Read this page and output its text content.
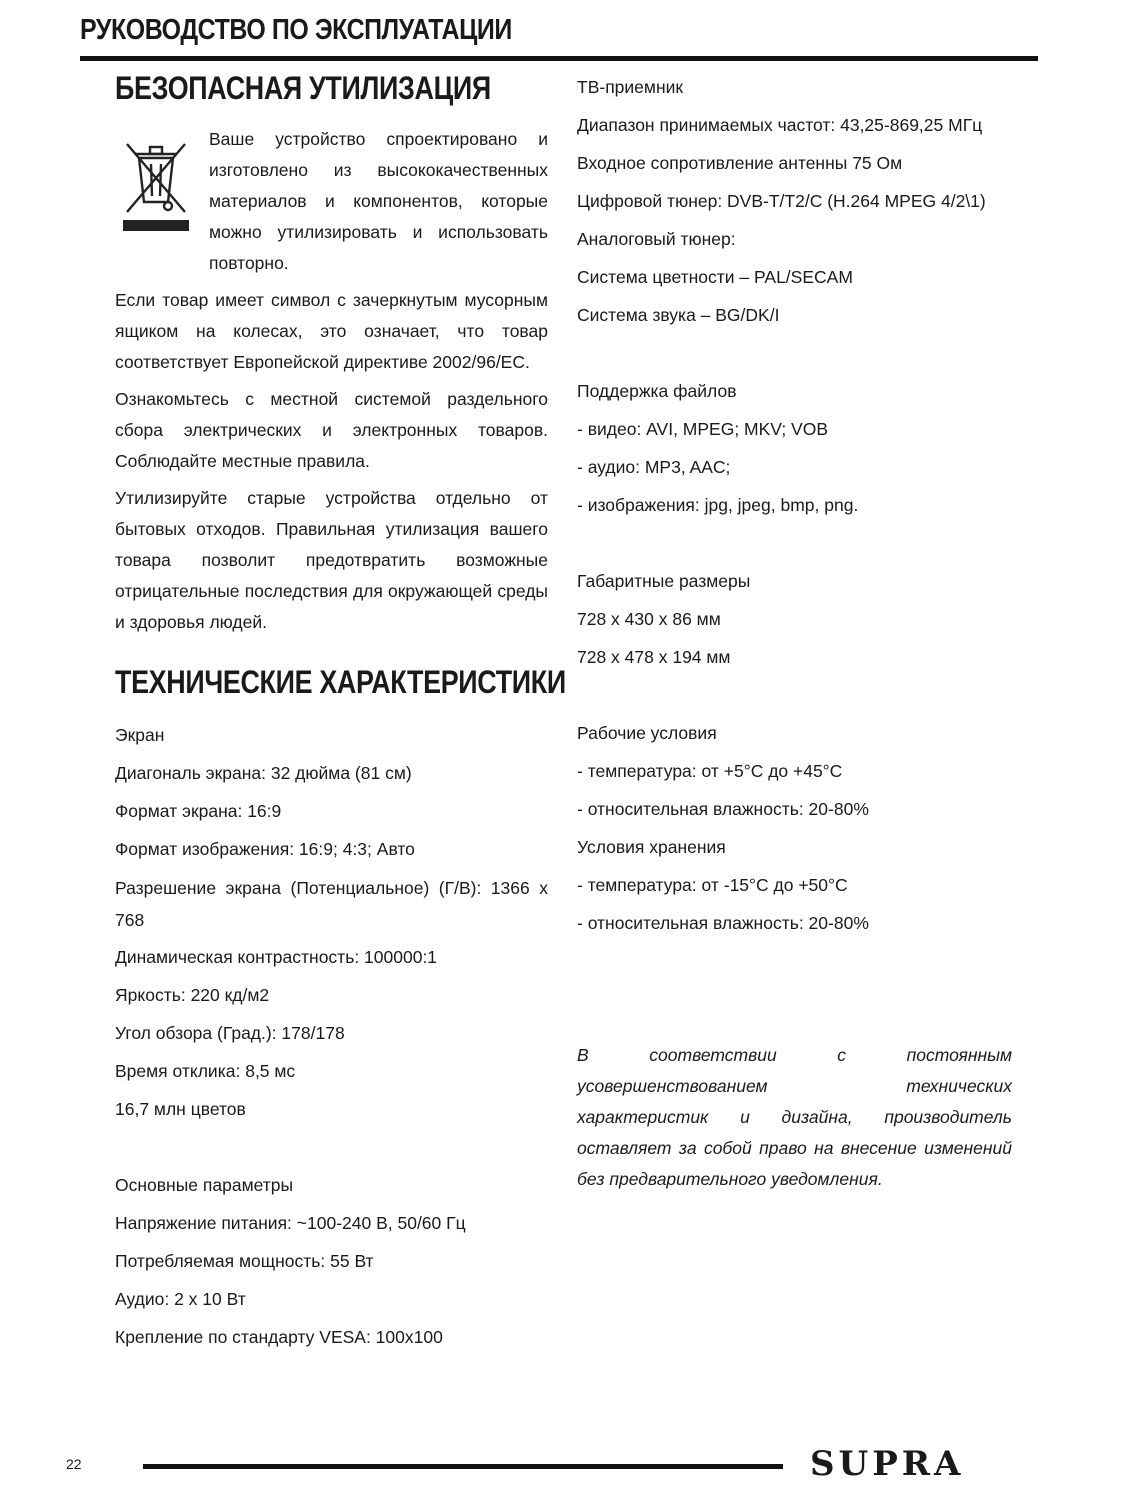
РУКОВОДСТВО ПО ЭКСПЛУАТАЦИИ
БЕЗОПАСНАЯ УТИЛИЗАЦИЯ

Ваше устройство спроектировано и изготовлено из высококачественных материалов и компонентов, которые можно утилизировать и использовать повторно.

Если товар имеет символ с зачеркнутым мусорным ящиком на колесах, это означает, что товар соответствует Европейской директиве 2002/96/ЕС.

Ознакомьтесь с местной системой раздельного сбора электрических и электронных товаров. Соблюдайте местные правила.

Утилизируйте старые устройства отдельно от бытовых отходов. Правильная утилизация вашего товара позволит предотвратить возможные отрицательные последствия для окружающей среды и здоровья людей.

ТЕХНИЧЕСКИЕ ХАРАКТЕРИСТИКИ
Экран
Диагональ экрана: 32 дюйма (81 см)
Формат экрана: 16:9
Формат изображения: 16:9; 4:3; Авто
Разрешение экрана (Потенциальное) (Г/В): 1366 х 768
Динамическая контрастность: 100000:1
Яркость: 220 кд/м2
Угол обзора (Град.): 178/178
Время отклика: 8,5 мс
16,7 млн цветов
Основные параметры
Напряжение питания: ~100-240 В, 50/60 Гц
Потребляемая мощность: 55 Вт
Аудио: 2 х 10 Вт
Крепление по стандарту VESA: 100х100
ТВ-приемник
Диапазон принимаемых частот: 43,25-869,25 МГц
Входное сопротивление антенны 75 Ом
Цифровой тюнер: DVB-T/T2/C (H.264 MPEG 4/2\1)
Аналоговый тюнер:
Система цветности – PAL/SECAM
Система звука – BG/DK/I
Поддержка файлов
- видео: AVI, MPEG; MKV; VOB
- аудио: MP3, AAC;
- изображения: jpg, jpeg, bmp, png.
Габаритные размеры
728 х 430 х 86 мм
728 х 478 х 194 мм
Рабочие условия
- температура: от +5°С до +45°С
- относительная влажность: 20-80%
Условия хранения
- температура: от -15°С до +50°С
- относительная влажность: 20-80%

В соответствии с постоянным усовершенствованием технических характеристик и дизайна, производитель оставляет за собой право на внесение изменений без предварительного уведомления.

22	SUPRA
